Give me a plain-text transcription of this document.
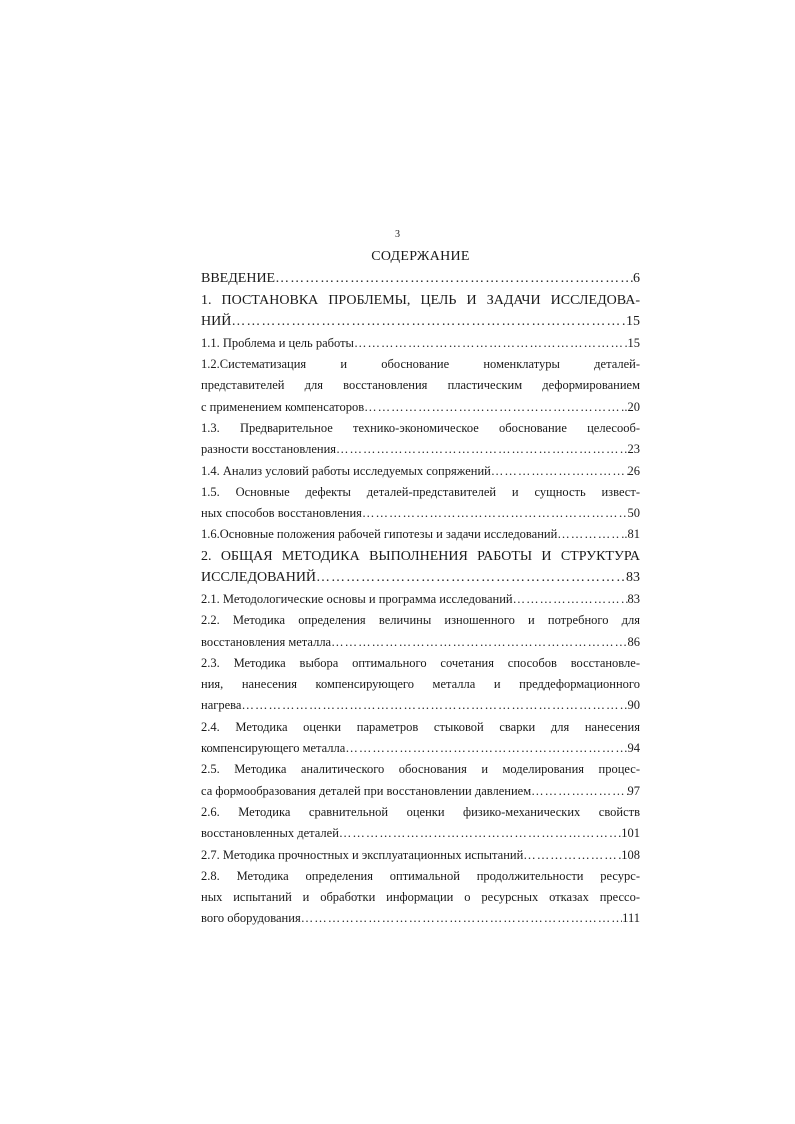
3
СОДЕРЖАНИЕ
ВВЕДЕНИЕ ……………………………………………………………………………………………………………………………………………………………………………………………………………………	6
1. ПОСТАНОВКА ПРОБЛЕМЫ, ЦЕЛЬ И ЗАДАЧИ ИССЛЕДОВА-
НИЙ ……………………………………………………………………………………………………………………………………………………………………………………………………………………	15
1.1. Проблема и цель работы ……………………………………………………………………………………………………………………………………………………………………………………………………………………	15
1.2.Систематизация и обоснование номенклатуры деталей-
представителей для восстановления пластическим деформированием
с применением компенсаторов ……………………………………………………………………………………………………………………………………………………………………………………………………………………	.20
1.3. Предварительное технико-экономическое обоснование целесооб-
разности восстановления ……………………………………………………………………………………………………………………………………………………………………………………………………………………	23
1.4. Анализ условий работы исследуемых сопряжений ……………………………………………………………………………………………………………………………………………………………………………………………………………………	26
1.5. Основные дефекты деталей-представителей и сущность извест-
ных способов восстановления ……………………………………………………………………………………………………………………………………………………………………………………………………………………	50
1.6.Основные положения рабочей гипотезы и задачи исследований ……………………………………………………………………………………………………………………………………………………………………………………………………………………	..81
2. ОБЩАЯ МЕТОДИКА ВЫПОЛНЕНИЯ РАБОТЫ И СТРУКТУРА
ИССЛЕДОВАНИЙ ……………………………………………………………………………………………………………………………………………………………………………………………………………………	83
2.1. Методологические основы и программа исследований ……………………………………………………………………………………………………………………………………………………………………………………………………………………	83
2.2. Методика определения величины изношенного и потребного для
восстановления металла ……………………………………………………………………………………………………………………………………………………………………………………………………………………	86
2.3. Методика выбора оптимального сочетания способов восстановле-
ния, нанесения компенсирующего металла и преддеформационного
нагрева ……………………………………………………………………………………………………………………………………………………………………………………………………………………	90
2.4. Методика оценки параметров стыковой сварки для нанесения
компенсирующего металла ……………………………………………………………………………………………………………………………………………………………………………………………………………………	94
2.5. Методика аналитического обоснования и моделирования процес-
са формообразования деталей при восстановлении давлением ……………………………………………………………………………………………………………………………………………………………………………………………………………………	97
2.6. Методика сравнительной оценки физико-механических свойств
восстановленных деталей ……………………………………………………………………………………………………………………………………………………………………………………………………………………	.101
2.7. Методика прочностных и эксплуатационных испытаний ……………………………………………………………………………………………………………………………………………………………………………………………………………………	108
2.8. Методика определения оптимальной продолжительности ресурс-
ных испытаний и обработки информации о ресурсных отказах прессо-
вого оборудования ……………………………………………………………………………………………………………………………………………………………………………………………………………………	111
